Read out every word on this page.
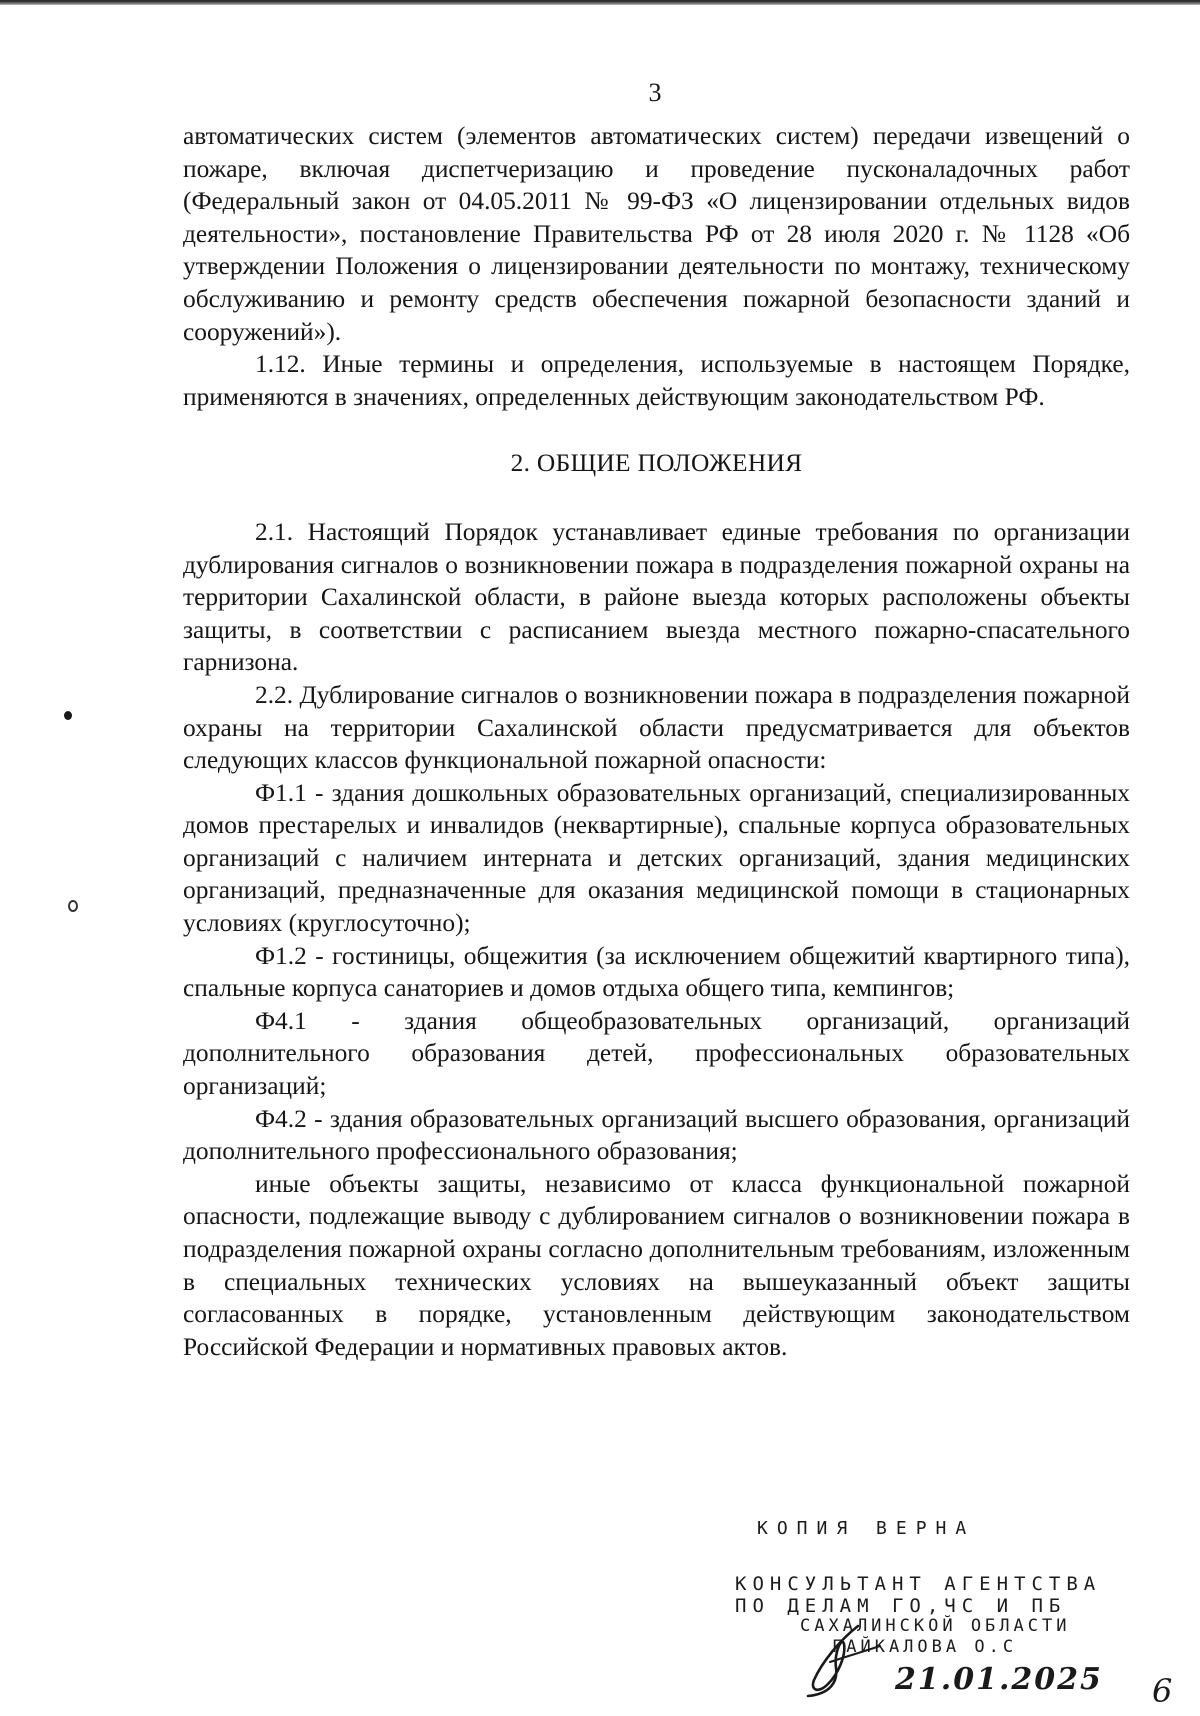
3

автоматических систем (элементов автоматических систем) передачи извещений о пожаре, включая диспетчеризацию и проведение пусконаладочных работ (Федеральный закон от 04.05.2011 № 99-ФЗ «О лицензировании отдельных видов деятельности», постановление Правительства РФ от 28 июля 2020 г. № 1128 «Об утверждении Положения о лицензировании деятельности по монтажу, техническому обслуживанию и ремонту средств обеспечения пожарной безопасности зданий и сооружений»).

1.12. Иные термины и определения, используемые в настоящем Порядке, применяются в значениях, определенных действующим законодательством РФ.

2. ОБЩИЕ ПОЛОЖЕНИЯ

2.1. Настоящий Порядок устанавливает единые требования по организации дублирования сигналов о возникновении пожара в подразделения пожарной охраны на территории Сахалинской области, в районе выезда которых расположены объекты защиты, в соответствии с расписанием выезда местного пожарно-спасательного гарнизона.

2.2. Дублирование сигналов о возникновении пожара в подразделения пожарной охраны на территории Сахалинской области предусматривается для объектов следующих классов функциональной пожарной опасности:

Ф1.1 - здания дошкольных образовательных организаций, специализированных домов престарелых и инвалидов (неквартирные), спальные корпуса образовательных организаций с наличием интерната и детских организаций, здания медицинских организаций, предназначенные для оказания медицинской помощи в стационарных условиях (круглосуточно);

Ф1.2 - гостиницы, общежития (за исключением общежитий квартирного типа), спальные корпуса санаториев и домов отдыха общего типа, кемпингов;

Ф4.1 - здания общеобразовательных организаций, организаций дополнительного образования детей, профессиональных образовательных организаций;

Ф4.2 - здания образовательных организаций высшего образования, организаций дополнительного профессионального образования;

иные объекты защиты, независимо от класса функциональной пожарной опасности, подлежащие выводу с дублированием сигналов о возникновении пожара в подразделения пожарной охраны согласно дополнительным требованиям, изложенным в специальных технических условиях на вышеуказанный объект защиты согласованных в порядке, установленным действующим законодательством Российской Федерации и нормативных правовых актов.

КОПИЯ ВЕРНА
КОНСУЛЬТАНТ АГЕНТСТВА
ПО ДЕЛАМ ГО,ЧС И ПБ
САХАЛИНСКОЙ ОБЛАСТИ
ГАЙКАЛОВА О.С
21.01.2025 6
